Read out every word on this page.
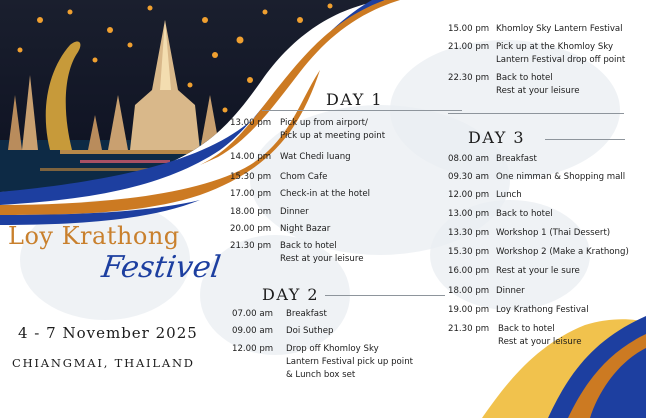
Loy Krathong
Festivel
4 - 7 November 2025
CHIANGMAI, THAILAND
DAY 1
DAY 2
DAY 3
13.00 pm Pick up from airport/
Pick up at meeting point
14.00 pm Wat Chedi luang
15.30 pm Chom Cafe
17.00 pm Check-in at the hotel
18.00 pm Dinner
20.00 pm Night Bazar
21.30 pm Back to hotel
Rest at your leisure
07.00 am Breakfast
09.00 am Doi Suthep
12.00 pm Drop off Khomloy Sky
Lantern Festival pick up point
& Lunch box set
15.00 pm Khomloy Sky Lantern Festival
21.00 pm Pick up at the Khomloy Sky
Lantern Festival drop off point
22.30 pm Back to hotel
Rest at your leisure
08.00 am Breakfast
09.30 am One nimman & Shopping mall
12.00 pm Lunch
13.00 pm Back to hotel
13.30 pm Workshop 1 (Thai Dessert)
15.30 pm Workshop 2 (Make a Krathong)
16.00 pm Rest at your le sure
18.00 pm Dinner
19.00 pm Loy Krathong Festival
21.30 pm Back to hotel
Rest at your leisure
